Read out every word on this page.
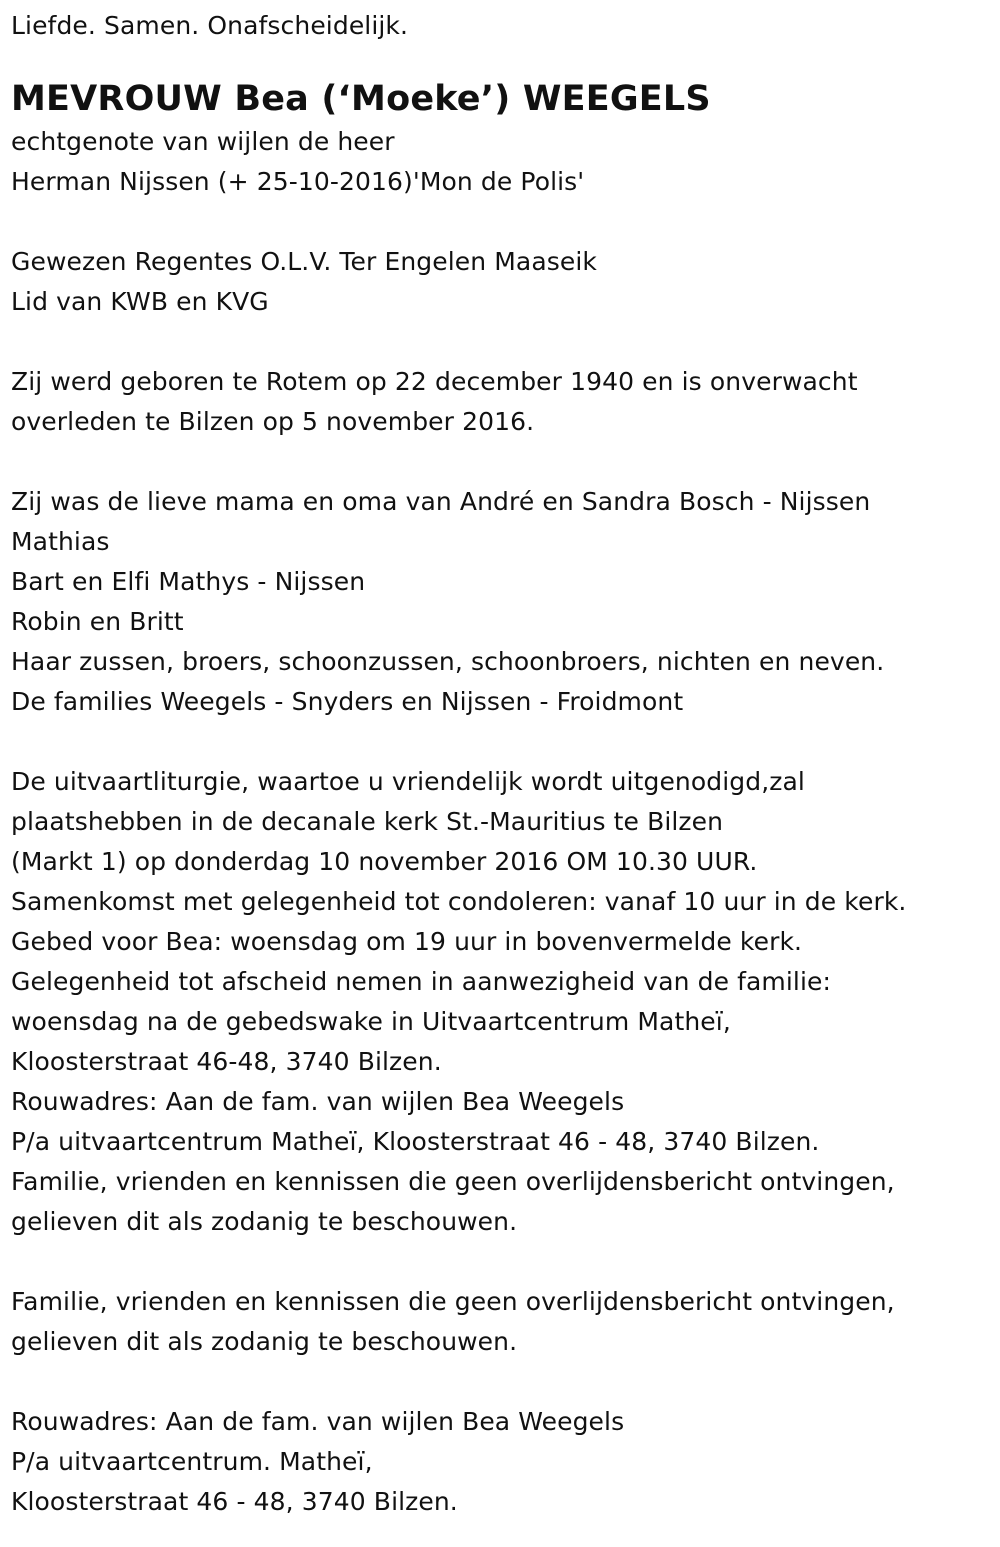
Liefde. Samen. Onafscheidelijk.
MEVROUW Bea (‘Moeke’) WEEGELS
echtgenote van wijlen de heer
Herman Nijssen (+ 25-10-2016)'Mon de Polis'
Gewezen Regentes O.L.V. Ter Engelen Maaseik
Lid van KWB en KVG
Zij werd geboren te Rotem op 22 december 1940 en is onverwacht
overleden te Bilzen op 5 november 2016.
Zij was de lieve mama en oma van André en Sandra Bosch - Nijssen
Mathias
Bart en Elfi Mathys - Nijssen
Robin en Britt
Haar zussen, broers, schoonzussen, schoonbroers, nichten en neven.
De families Weegels - Snyders en Nijssen - Froidmont
De uitvaartliturgie, waartoe u vriendelijk wordt uitgenodigd,zal
plaatshebben in de decanale kerk St.-Mauritius te Bilzen
(Markt 1) op donderdag 10 november 2016 OM 10.30 UUR.
Samenkomst met gelegenheid tot condoleren: vanaf 10 uur in de kerk.
Gebed voor Bea: woensdag om 19 uur in bovenvermelde kerk.
Gelegenheid tot afscheid nemen in aanwezigheid van de familie:
woensdag na de gebedswake in Uitvaartcentrum Matheï,
Kloosterstraat 46-48, 3740 Bilzen.
Rouwadres: Aan de fam. van wijlen Bea Weegels
P/a uitvaartcentrum Matheï, Kloosterstraat 46 - 48, 3740 Bilzen.
Familie, vrienden en kennissen die geen overlijdensbericht ontvingen,
gelieven dit als zodanig te beschouwen.
Familie, vrienden en kennissen die geen overlijdensbericht ontvingen,
gelieven dit als zodanig te beschouwen.
Rouwadres: Aan de fam. van wijlen Bea Weegels
P/a uitvaartcentrum. Matheï,
Kloosterstraat 46 - 48, 3740 Bilzen.
